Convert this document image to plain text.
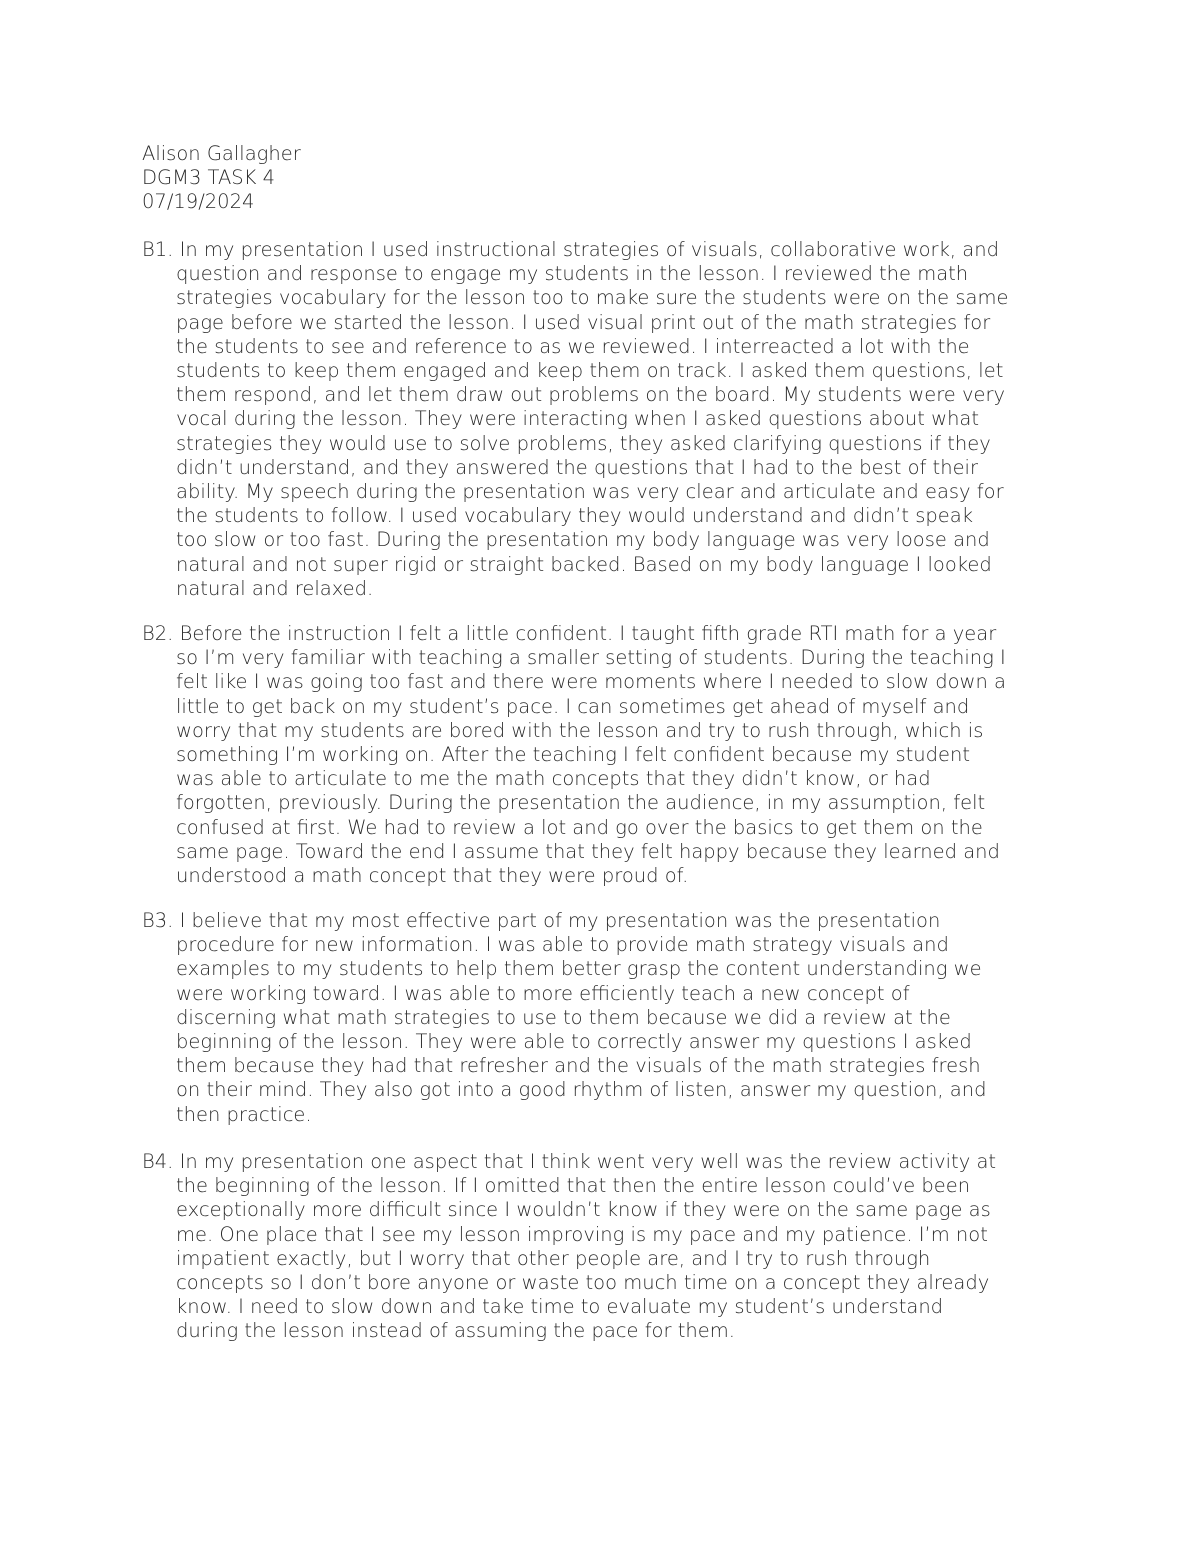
Alison Gallagher
DGM3 TASK 4
07/19/2024
B1. In my presentation I used instructional strategies of visuals, collaborative work, and
question and response to engage my students in the lesson. I reviewed the math
strategies vocabulary for the lesson too to make sure the students were on the same
page before we started the lesson. I used visual print out of the math strategies for
the students to see and reference to as we reviewed. I interreacted a lot with the
students to keep them engaged and keep them on track. I asked them questions, let
them respond, and let them draw out problems on the board. My students were very
vocal during the lesson. They were interacting when I asked questions about what
strategies they would use to solve problems, they asked clarifying questions if they
didn’t understand, and they answered the questions that I had to the best of their
ability. My speech during the presentation was very clear and articulate and easy for
the students to follow. I used vocabulary they would understand and didn’t speak
too slow or too fast. During the presentation my body language was very loose and
natural and not super rigid or straight backed. Based on my body language I looked
natural and relaxed.
B2. Before the instruction I felt a little confident. I taught fifth grade RTI math for a year
so I’m very familiar with teaching a smaller setting of students. During the teaching I
felt like I was going too fast and there were moments where I needed to slow down a
little to get back on my student’s pace. I can sometimes get ahead of myself and
worry that my students are bored with the lesson and try to rush through, which is
something I’m working on. After the teaching I felt confident because my student
was able to articulate to me the math concepts that they didn’t know, or had
forgotten, previously. During the presentation the audience, in my assumption, felt
confused at first. We had to review a lot and go over the basics to get them on the
same page. Toward the end I assume that they felt happy because they learned and
understood a math concept that they were proud of.
B3. I believe that my most effective part of my presentation was the presentation
procedure for new information. I was able to provide math strategy visuals and
examples to my students to help them better grasp the content understanding we
were working toward. I was able to more efficiently teach a new concept of
discerning what math strategies to use to them because we did a review at the
beginning of the lesson. They were able to correctly answer my questions I asked
them because they had that refresher and the visuals of the math strategies fresh
on their mind. They also got into a good rhythm of listen, answer my question, and
then practice.
B4. In my presentation one aspect that I think went very well was the review activity at
the beginning of the lesson. If I omitted that then the entire lesson could’ve been
exceptionally more difficult since I wouldn’t know if they were on the same page as
me. One place that I see my lesson improving is my pace and my patience. I’m not
impatient exactly, but I worry that other people are, and I try to rush through
concepts so I don’t bore anyone or waste too much time on a concept they already
know. I need to slow down and take time to evaluate my student’s understand
during the lesson instead of assuming the pace for them.
